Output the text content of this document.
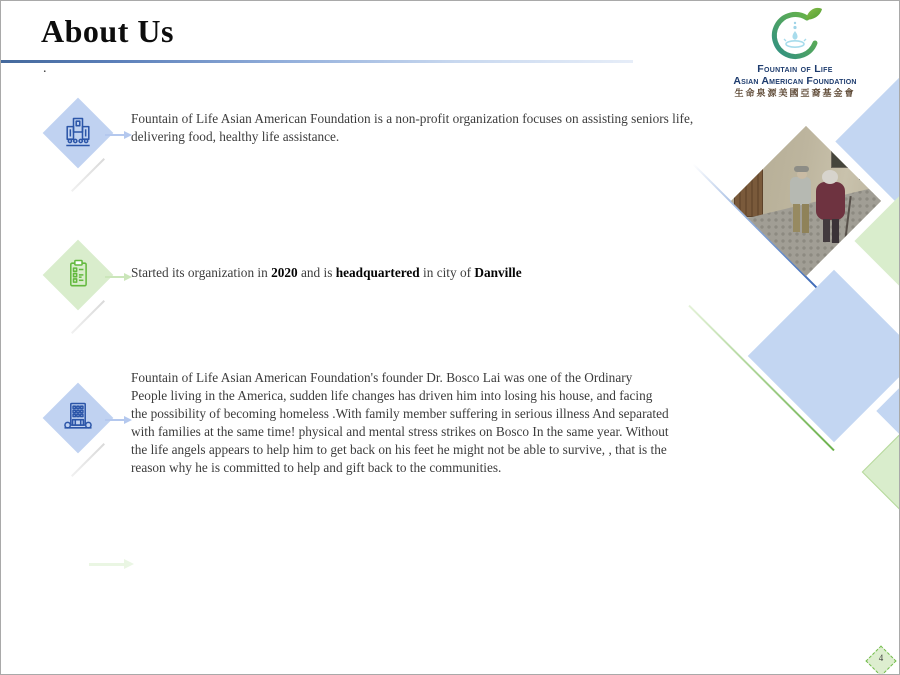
About Us
.	Fountain of Life
Asian American Foundation
生命泉源美國亞裔基金會
Fountain of Life Asian American Foundation is a non-profit organization focuses on assisting seniors life, delivering food, healthy life assistance.
Started its organization in 2020 and is headquartered in city of Danville
Fountain of Life Asian American Foundation's founder Dr. Bosco Lai was one of the Ordinary People living in the America, sudden life changes has driven him into losing his house, and facing the possibility of becoming homeless .With family member suffering in serious illness And separated with families at the same time! physical and mental stress strikes on Bosco In the same year. Without the life angels appears to help him to get back on his feet he might not be able to survive, , that is the reason why he is committed to help and gift back to the communities.
4
